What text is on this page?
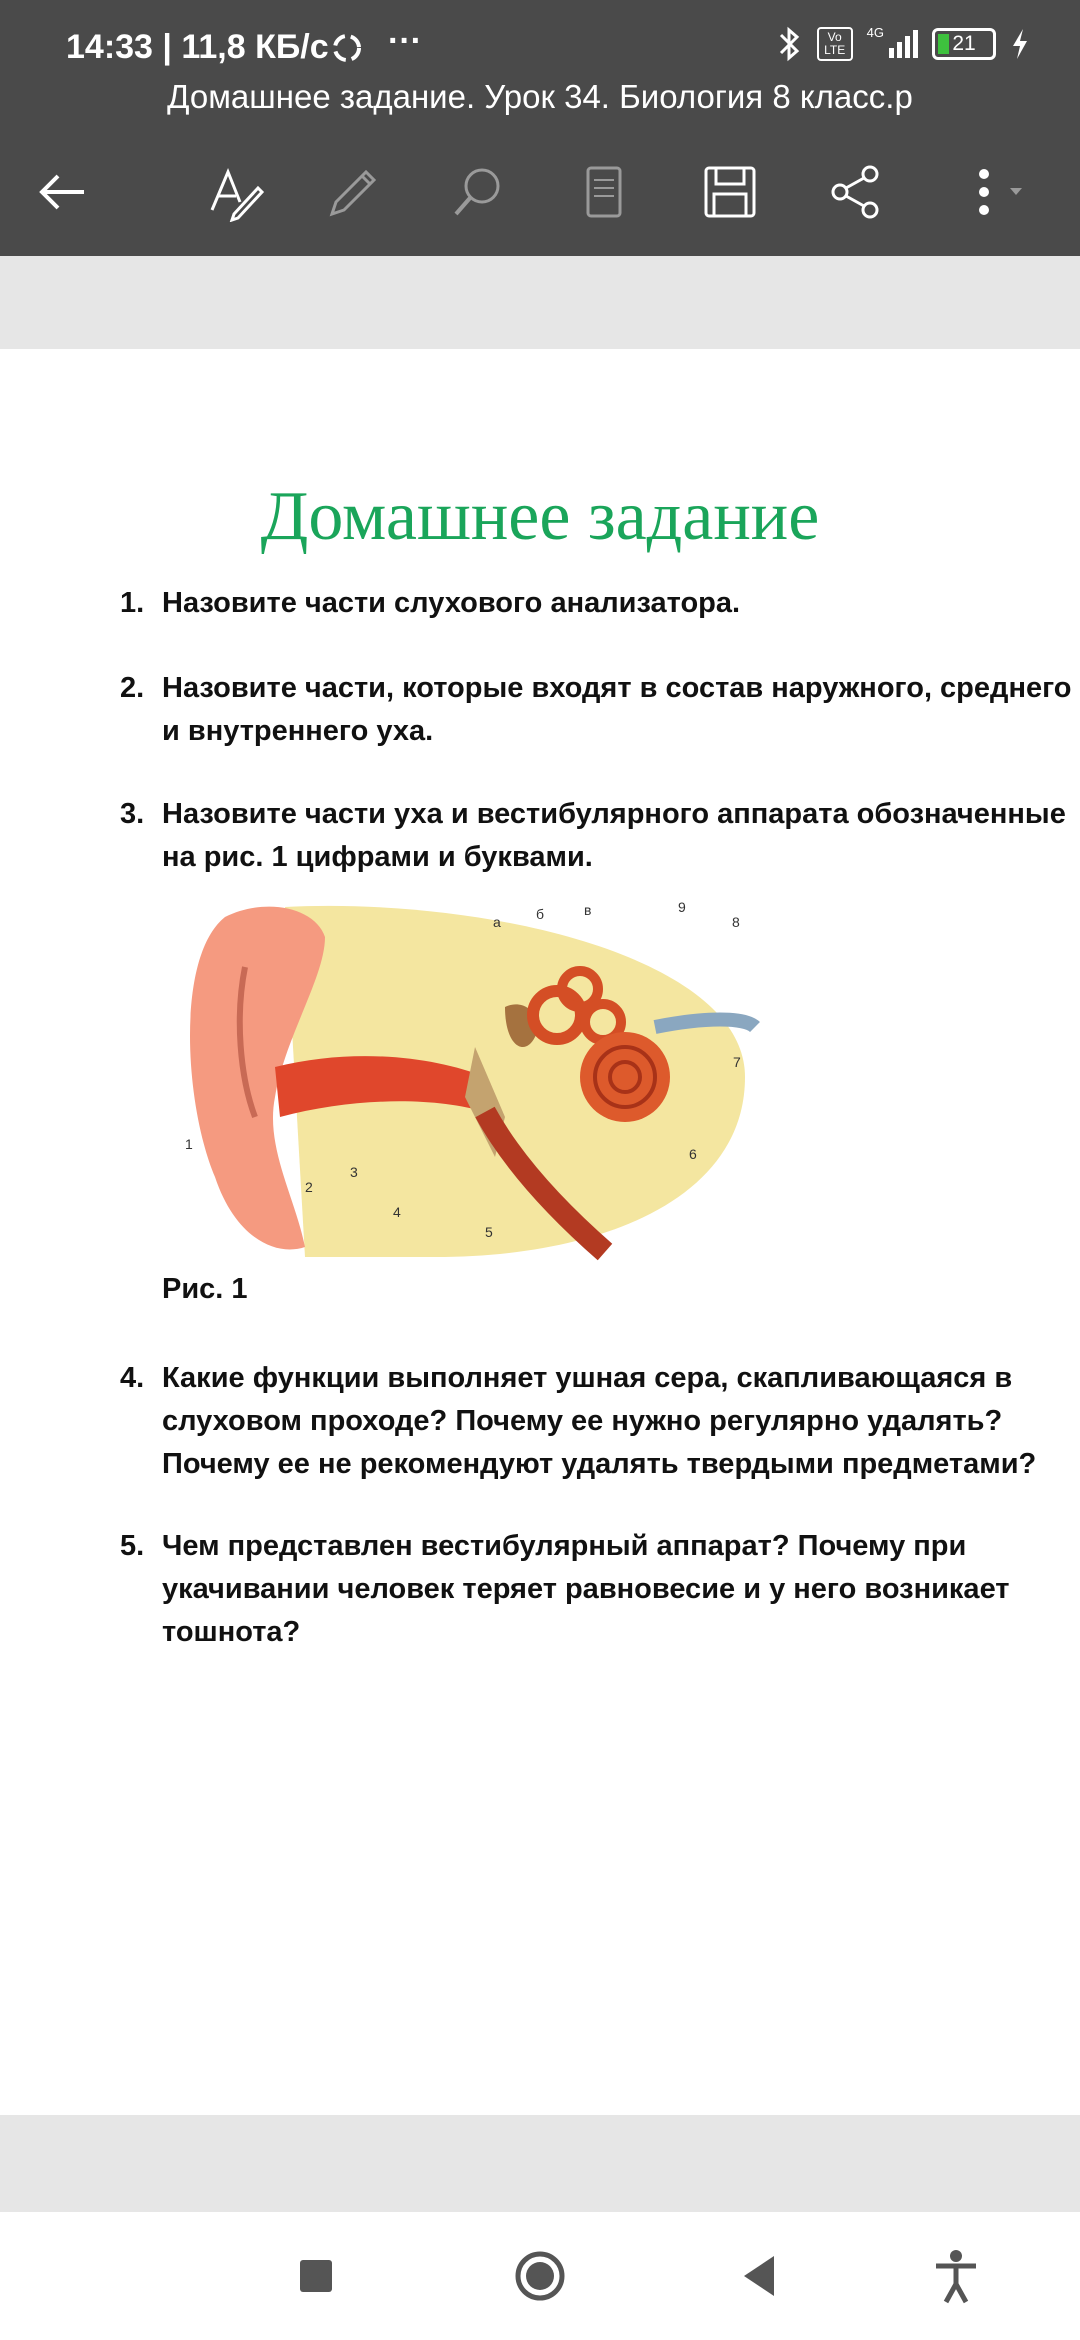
14:33 | 11,8 КБ/с ···	Vo LTE
4G	21
Домашнее задание. Урок 34. Биология 8 класс.р
Домашнее задание
1. Назовите части слухового анализатора.
2. Назовите части, которые входят в состав наружного, среднего и внутреннего уха.
3. Назовите части уха и вестибулярного аппарата обозначенные на рис. 1 цифрами и буквами.
1
2
3
4
5
6
7
8
9
а	б	в
Рис. 1
4. Какие функции выполняет ушная сера, скапливающаяся в слуховом проходе? Почему ее нужно регулярно удалять? Почему ее не рекомендуют удалять твердыми предметами?
5. Чем представлен вестибулярный аппарат? Почему при укачивании человек теряет равновесие и у него возникает тошнота?
